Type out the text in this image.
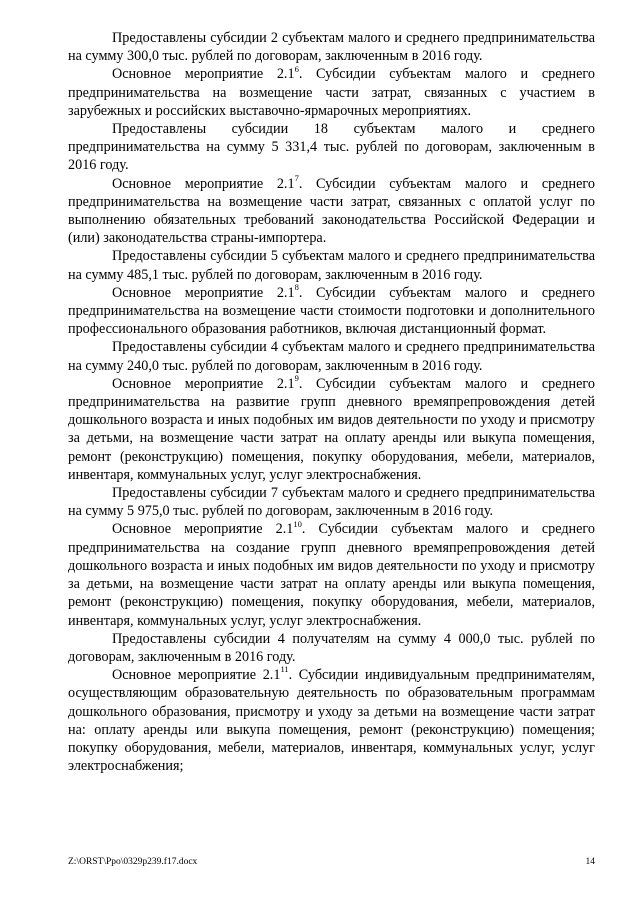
Предоставлены субсидии 2 субъектам малого и среднего предпринимательства на сумму 300,0 тыс. рублей по договорам, заключенным в 2016 году.

Основное мероприятие $2.1^6$. Субсидии субъектам малого и среднего предпринимательства на возмещение части затрат, связанных с участием в зарубежных и российских выставочно-ярмарочных мероприятиях.

Предоставлены субсидии 18 субъектам малого и среднего предпринимательства на сумму 5 331,4 тыс. рублей по договорам, заключенным в 2016 году.

Основное мероприятие $2.1^7$. Субсидии субъектам малого и среднего предпринимательства на возмещение части затрат, связанных с оплатой услуг по выполнению обязательных требований законодательства Российской Федерации и (или) законодательства страны-импортера.

Предоставлены субсидии 5 субъектам малого и среднего предпринимательства на сумму 485,1 тыс. рублей по договорам, заключенным в 2016 году.

Основное мероприятие $2.1^8$. Субсидии субъектам малого и среднего предпринимательства на возмещение части стоимости подготовки и дополнительного профессионального образования работников, включая дистанционный формат.

Предоставлены субсидии 4 субъектам малого и среднего предпринимательства на сумму 240,0 тыс. рублей по договорам, заключенным в 2016 году.

Основное мероприятие $2.1^9$. Субсидии субъектам малого и среднего предпринимательства на развитие групп дневного времяпрепровождения детей дошкольного возраста и иных подобных им видов деятельности по уходу и присмотру за детьми, на возмещение части затрат на оплату аренды или выкупа помещения, ремонт (реконструкцию) помещения, покупку оборудования, мебели, материалов, инвентаря, коммунальных услуг, услуг электроснабжения.

Предоставлены субсидии 7 субъектам малого и среднего предпринимательства на сумму 5 975,0 тыс. рублей по договорам, заключенным в 2016 году.

Основное мероприятие $2.1^{10}$. Субсидии субъектам малого и среднего предпринимательства на создание групп дневного времяпрепровождения детей дошкольного возраста и иных подобных им видов деятельности по уходу и присмотру за детьми, на возмещение части затрат на оплату аренды или выкупа помещения, ремонт (реконструкцию) помещения, покупку оборудования, мебели, материалов, инвентаря, коммунальных услуг, услуг электроснабжения.

Предоставлены субсидии 4 получателям на сумму 4 000,0 тыс. рублей по договорам, заключенным в 2016 году.

Основное мероприятие $2.1^{11}$. Субсидии индивидуальным предпринимателям, осуществляющим образовательную деятельность по образовательным программам дошкольного образования, присмотру и уходу за детьми на возмещение части затрат на: оплату аренды или выкупа помещения, ремонт (реконструкцию) помещения; покупку оборудования, мебели, материалов, инвентаря, коммунальных услуг, услуг электроснабжения;

Z:\ORST\Ppo\0329p239.f17.docx	14
